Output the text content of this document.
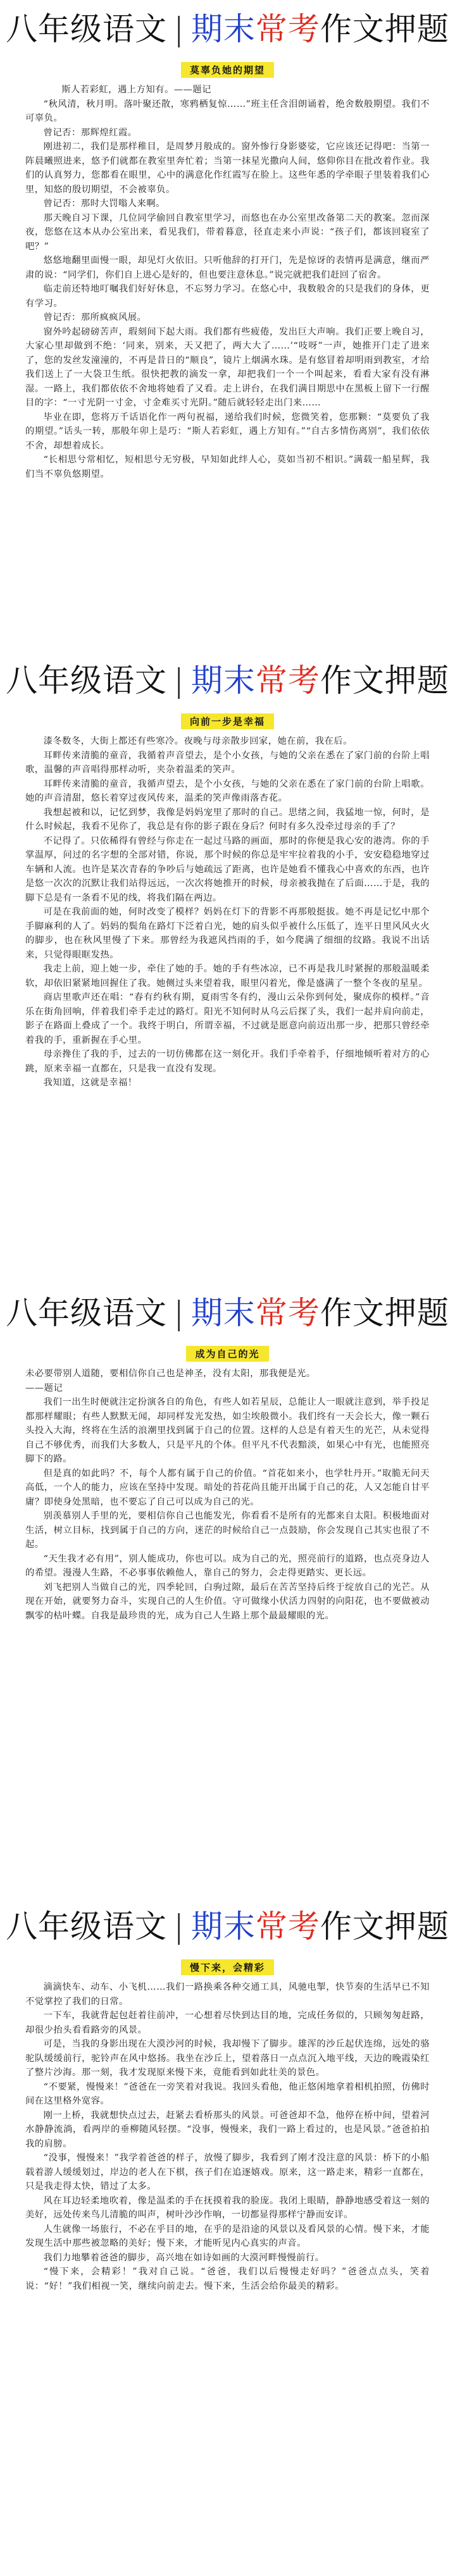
八年级语文 | 期末常考作文押题
莫辜负她的期望

斯人若彩虹，遇上方知有。——题记

“秋风清，秋月明。落叶聚还散，寒鸦栖复惊……”班主任含泪朗诵着，绝舍数般期望。我们不可辜负。

曾记否：那辉煌红霞。

刚进初二，我们是那样稚目，是周梦月般成的。窗外惨行身影婆娑，它应该还记得吧：当第一阵晨曦照进来，悠予们就都在教室里奔忙着；当第一抹星光撒向人间，悠仰你目在批改着作业。我们的认真努力，您都看在眼里，心中的满意化作红霞写在脸上。这些年悉的学牵眼子里装着我们心里，知悠的殷切期望，不会被辜负。

曾记否：那时大罚嗡人来啊。

那天晚自习下课，几位同学偷回自教室里学习，而悠也在办公室里改备第二天的教案。忽而深夜，您悠在这本从办公室出来，看见我们，带着暮意，径直走来小声说：“孩子们，都该回寝室了吧？”

悠悠地翻里面慢一眼，却见灯火依旧。只听他辞的打开门，先是惊讶的表情再是满意，继而严肃的说：“同学们，你们自上进心是好的，但也要注意休息。”说完就把我们赶回了宿舍。

临走前还特地叮嘱我们好好休息，不忘努力学习。在悠心中，我数般舍的只是我们的身体，更有学习。

曾记否：那所疯疯风展。

窗外吟起磅磅苦声，瑕刻间下起大雨。我们都有些疲倦，发出巨大声响。我们正要上晚自习，大家心里却做到不绝：‘同来，别来，天又把了，两大大了……’“吱呀”一声，她推开门走了进来了，您的发丝发潼潼的，不再是昔日的“顺良”，镜片上烟满水珠。是有悠冒着却明雨到教室，才给我们送上了一大袋卫生纸。很快把教的滴发一拿，却把我们一个一个叫起来，看看大家有没有淋湿。一路上，我们都依依不舍地将她看了又看。走上讲台，在我们满目期思中在黑板上留下一行醒目的字：“一寸光阴一寸金，寸金难买寸光阴。”随后就轻轻走出门来……

毕业在即，您将万千话语化作一两句祝福，递给我们时候，您微笑着，您那颗：“莫要负了我的期望。”话头一转，那般年卯上是巧：“斯人若彩虹，遇上方知有。”“自古多情伤离别”，我们依依不舍，却想着成长。

“长相思兮常相忆，短相思兮无穷极，早知如此绊人心，莫如当初不相识。”满载一船星辉，我们当不辜负悠期望。

八年级语文 | 期末常考作文押题
向前一步是幸福

漆冬数冬，大街上都还有些寒冷。夜晚与母亲散步回家，她在前，我在后。

耳畔传来清脆的童音，我循着声音望去，是个小女孩，与她的父亲在悉在了家门前的台阶上唱歌，温馨的声音唱得那样动听，夹杂着温柔的笑声。

耳畔传来清脆的童音，我循声望去，是个小女孩，与她的父亲在悉在了家门前的台阶上唱歌。她的声音清甜，悠长着穿过夜风传来，温柔的笑声像雨落杏花。

我想起被和以，记忆到梦，我像是妈妈宠里了那时的自己。思绪之间，我猛地一惊，何时，是什么时候起，我看不见你了，我总是有你的影子跟在身后？何时有多久没牵过母亲的手了？

不记得了。只依稀得有曾经与你走在一起过马路的画面，那时的你便是我心安的港湾。你的手掌温厚，问过的名字想的全部对错，你说，那个时候的你总是牢牢拉着我的小手，安安稳稳地穿过车辆和人流。也许是某次青春的争吵后与她疏远了距离，也许是她看不懂我心中喜欢的东西，也许是悠一次次的沉默让我们站得远远，一次次将她推开的时候，母亲被我抛在了后面……于是，我的脚下总是有一条看不见的线，将我们隔在两边。

可是在我前面的她，何时改变了模样？妈妈在灯下的背影不再那般挺拔。她不再是记忆中那个手脚麻利的人了。妈妈的鬓角在路灯下泛着白光，她的肩头似乎被什么压低了，连平日里风风火火的脚步，也在秋风里慢了下来。那曾经为我遮风挡雨的手，如今爬满了细细的纹路。我说不出话来，只觉得眼眶发热。

我走上前，迎上她一步，牵住了她的手。她的手有些冰凉，已不再是我儿时紧握的那般温暖柔软，却依旧紧紧地回握住了我。她侧过头来望着我，眼里闪着光，像是盛满了一整个冬夜的星星。

商店里歌声还在唱：“春有约秋有期，夏雨雪冬有约，漫山云朵你到何处，聚成你的模样。”音乐在街角回响，伴着我们牵手走过的路灯。阳光不知何时从乌云后探了头，我们一起并肩向前走，影子在路面上叠成了一个。我终于明白，所谓幸福，不过就是愿意向前迈出那一步，把那只曾经牵着我的手，重新握在手心里。

母亲搀住了我的手，过去的一切仿佛都在这一刻化开。我们手牵着手，仔细地倾听着对方的心跳，原来幸福一直都在，只是我一直没有发现。

我知道，这就是幸福！

八年级语文 | 期末常考作文押题
成为自己的光

未必要带别人道随，要相信你自己也是神圣，没有太阳，那我便是光。

——题记

我们一出生时便就注定扮演各自的角色，有些人如若星辰，总能让人一眼就注意到，举手投足都那样耀眼；有些人默默无闻，却同样发光发热，如尘埃般微小。我们终有一天会长大，像一颗石头投入大海，终将在生活的浪潮里找到属于自己的位置。这样的人总是有着天生的光芒，从未觉得自己不够优秀，而我们大多数人，只是平凡的个体。但平凡不代表黯淡，如果心中有光，也能照亮脚下的路。

但是真的如此吗？不，每个人都有属于自己的价值。“首花如来小，也学牡丹开。”取脆无问天高低，一个人的能力，应该在坚持中发现。暗处的苔花尚且能开出属于自己的花，人又怎能自甘平庸？即使身处黑暗，也不要忘了自己可以成为自己的光。

别羡慕别人手里的光，要相信你自己也能发光，你看看不是所有的光都来自太阳。积极地面对生活，树立目标，找到属于自己的方向，迷茫的时候给自己一点鼓励，你会发现自己其实也很了不起。

“天生我才必有用”，别人能成功，你也可以。成为自己的光，照亮前行的道路，也点亮身边人的希望。漫漫人生路，不必事事依赖他人，靠自己的努力，会走得更踏实、更长远。

刘飞把别人当做自己的光，四季轮回，白驹过隙，最后在苦苦坚持后终于绽放自己的光芒。从现在开始，就要努力奋斗，实现自己的人生价值。守可做缘小伏活力四射的向阳花，也不要做被动飘零的枯叶蝶。自我是最珍贵的光，成为自己人生路上那个最最耀眼的光。

八年级语文 | 期末常考作文押题
慢下来，会精彩

滴滴快车、动车、小飞机……我们一路换乘各种交通工具，风驰电掣，快节奏的生活早已不知不觉掌控了我们的日常。

一下车，我就背起包赶着往前冲，一心想着尽快到达目的地，完成任务似的，只顾匆匆赶路，却很少抬头看看路旁的风景。

可是，当我的身影出现在大漠沙河的时候，我却慢下了脚步。雄浑的沙丘起伏连绵，远处的骆驼队缓缓前行，驼铃声在风中悠扬。我坐在沙丘上，望着落日一点点沉入地平线，天边的晚霞染红了整片沙海。那一刻，我才发现原来慢下来，竟能看到如此壮美的景色。

“不要紧，慢慢来！”爸爸在一旁笑着对我说。我回头看他，他正悠闲地拿着相机拍照，仿佛时间在这里格外宽容。

刚一上桥，我就想快点过去，赶紧去看桥那头的风景。可爸爸却不急，他停在桥中间，望着河水静静流淌，看两岸的垂柳随风轻摆。“没事，慢慢来，我们一路上看过的，也是风景。”爸爸拍拍我的肩膀。

“没事，慢慢来！”我学着爸爸的样子，放慢了脚步，我看到了刚才没注意的风景：桥下的小船载着游人缓缓划过，岸边的老人在下棋，孩子们在追逐嬉戏。原来，这一路走来，精彩一直都在，只是我走得太快，错过了太多。

风在耳边轻柔地吹着，像是温柔的手在抚摸着我的脸庞。我闭上眼睛，静静地感受着这一刻的美好，远处传来鸟儿清脆的叫声，树叶沙沙作响，一切都显得那样宁静而安详。

人生就像一场旅行，不必在乎目的地，在乎的是沿途的风景以及看风景的心情。慢下来，才能发现生活中那些被忽略的美好；慢下来，才能听见内心真实的声音。

我们力地攀着爸爸的脚步，高兴地在如诗如画的大漠河畔慢慢前行。

“慢下来，会精彩！”我对自己说。“爸爸，我们以后慢慢走好吗？”爸爸点点头，笑着说：“好！”我们相视一笑，继续向前走去。慢下来，生活会给你最美的精彩。
